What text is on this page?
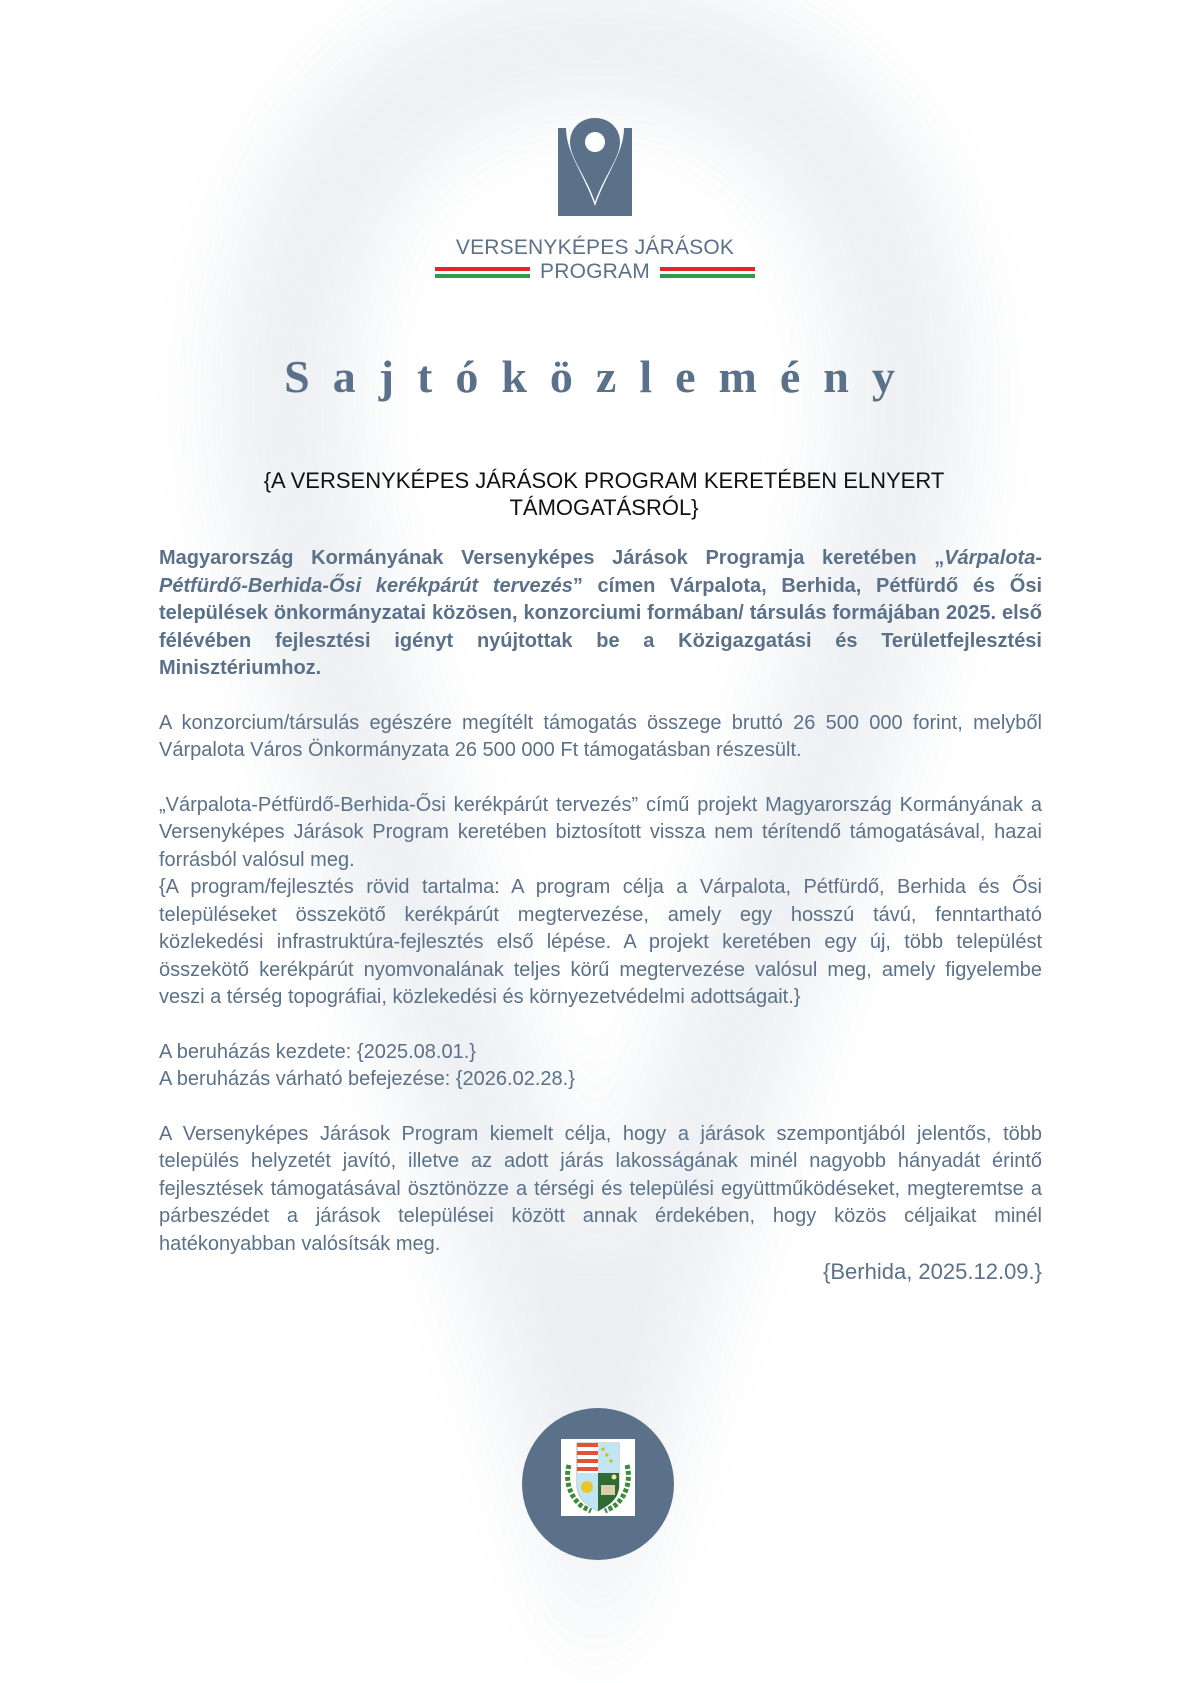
VERSENYKÉPES JÁRÁSOK
PROGRAM
Sajtóközlemény
{A VERSENYKÉPES JÁRÁSOK PROGRAM KERETÉBEN ELNYERT TÁMOGATÁSRÓL}

Magyarország Kormányának Versenyképes Járások Programja keretében „Várpalota-Pétfürdő-Berhida-Ősi kerékpárút tervezés” címen Várpalota, Berhida, Pétfürdő és Ősi települések önkormányzatai közösen, konzorciumi formában/ társulás formájában 2025. első félévében fejlesztési igényt nyújtottak be a Közigazgatási és Területfejlesztési Minisztériumhoz.

A konzorcium/társulás egészére megítélt támogatás összege bruttó 26 500 000 forint, melyből Várpalota Város Önkormányzata 26 500 000 Ft támogatásban részesült.

„Várpalota-Pétfürdő-Berhida-Ősi kerékpárút tervezés” című projekt Magyarország Kormányának a Versenyképes Járások Program keretében biztosított vissza nem térítendő támogatásával, hazai forrásból valósul meg.

{A program/fejlesztés rövid tartalma: A program célja a Várpalota, Pétfürdő, Berhida és Ősi településeket összekötő kerékpárút megtervezése, amely egy hosszú távú, fenntartható közlekedési infrastruktúra-fejlesztés első lépése. A projekt keretében egy új, több települést összekötő kerékpárút nyomvonalának teljes körű megtervezése valósul meg, amely figyelembe veszi a térség topográfiai, közlekedési és környezetvédelmi adottságait.}

A beruházás kezdete: {2025.08.01.}

A beruházás várható befejezése: {2026.02.28.}

A Versenyképes Járások Program kiemelt célja, hogy a járások szempontjából jelentős, több település helyzetét javító, illetve az adott járás lakosságának minél nagyobb hányadát érintő fejlesztések támogatásával ösztönözze a térségi és települési együttműködéseket, megteremtse a párbeszédet a járások települései között annak érdekében, hogy közös céljaikat minél hatékonyabban valósítsák meg.

{Berhida, 2025.12.09.}
